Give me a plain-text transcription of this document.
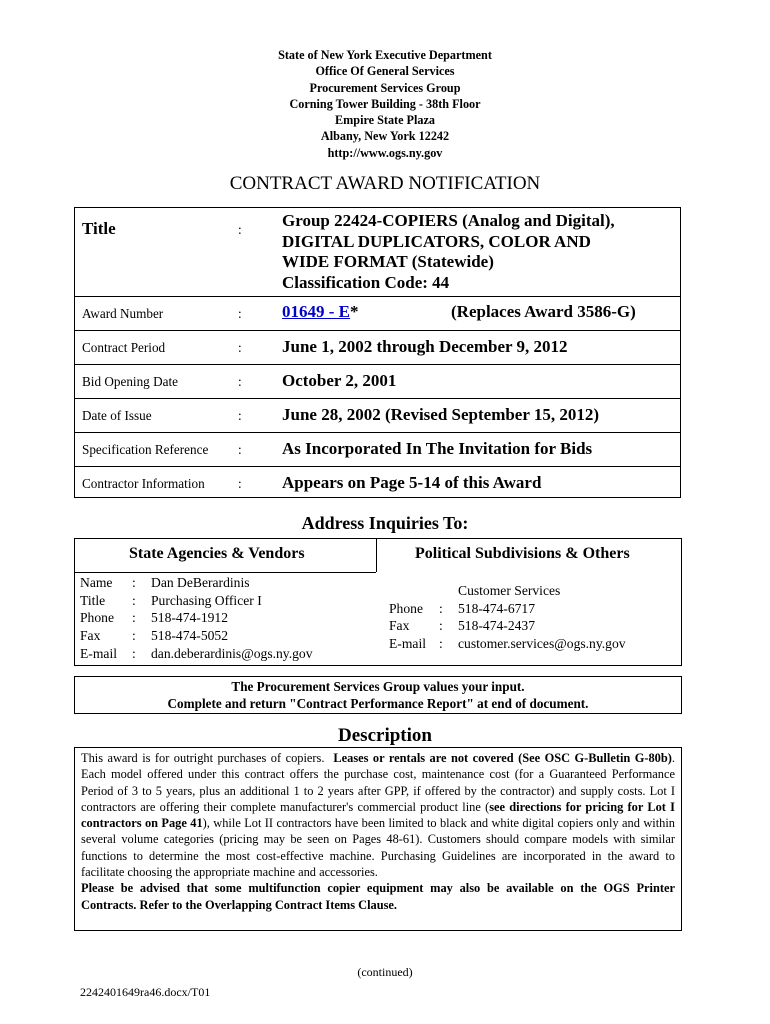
State of New York Executive Department
Office Of General Services
Procurement Services Group
Corning Tower Building - 38th Floor
Empire State Plaza
Albany, New York 12242
http://www.ogs.ny.gov
CONTRACT AWARD NOTIFICATION
Title	: Group 22424-COPIERS (Analog and Digital),
DIGITAL DUPLICATORS, COLOR AND
WIDE FORMAT (Statewide)
Classification Code: 44
Award Number	: 01649 - E*	(Replaces Award 3586-G)
Contract Period	: June 1, 2002 through December 9, 2012
Bid Opening Date	: October 2, 2001
Date of Issue	: June 28, 2002 (Revised September 15, 2012)
Specification Reference : As Incorporated In The Invitation for Bids
Contractor Information	: Appears on Page 5-14 of this Award
Address Inquiries To:
State Agencies & Vendors	Political Subdivisions & Others
Name : Dan DeBerardinis
Title : Purchasing Officer I
Phone : 518-474-1912
Fax : 518-474-5052
E-mail : dan.deberardinis@ogs.ny.gov
Customer Services
Phone : 518-474-6717
Fax : 518-474-2437
E-mail : customer.services@ogs.ny.gov
The Procurement Services Group values your input.
Complete and return "Contract Performance Report" at end of document.
Description
This award is for outright purchases of copiers. Leases or rentals are not covered (See OSC G-Bulletin G-80b). Each model offered under this contract offers the purchase cost, maintenance cost (for a Guaranteed Performance Period of 3 to 5 years, plus an additional 1 to 2 years after GPP, if offered by the contractor) and supply costs. Lot I contractors are offering their complete manufacturer's commercial product line (see directions for pricing for Lot I contractors on Page 41), while Lot II contractors have been limited to black and white digital copiers only and within several volume categories (pricing may be seen on Pages 48-61). Customers should compare models with similar functions to determine the most cost-effective machine. Purchasing Guidelines are incorporated in the award to facilitate choosing the appropriate machine and accessories.
Please be advised that some multifunction copier equipment may also be available on the OGS Printer Contracts. Refer to the Overlapping Contract Items Clause.
(continued)
2242401649ra46.docx/T01
